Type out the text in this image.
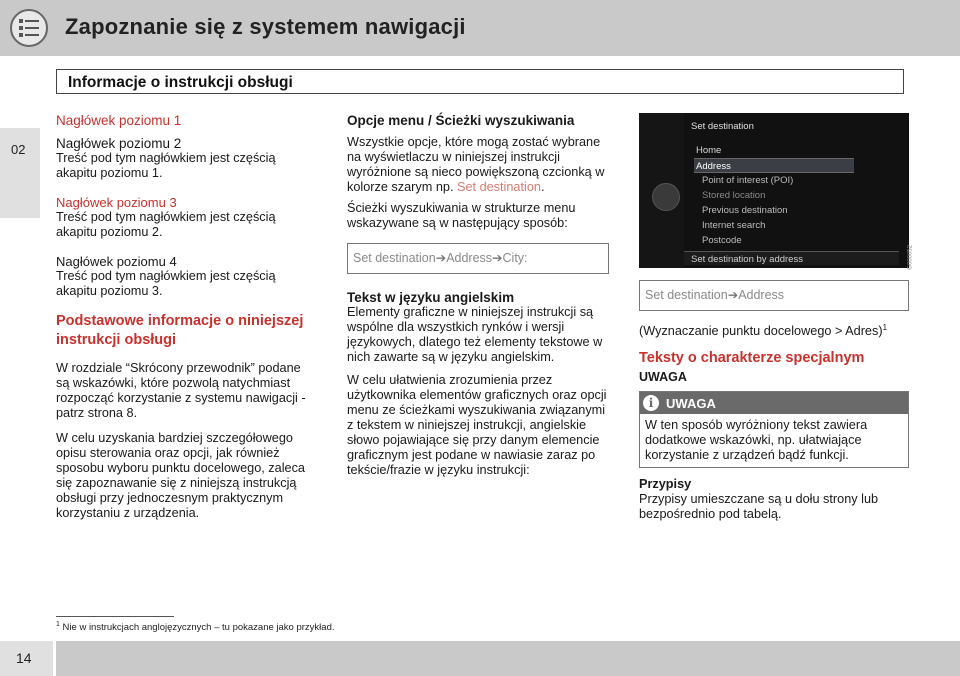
Zapoznanie się z systemem nawigacji
Informacje o instrukcji obsługi
02

Nagłówek poziomu 1

Nagłówek poziomu 2

Treść pod tym nagłówkiem jest częścią akapitu poziomu 1.

Nagłówek poziomu 3

Treść pod tym nagłówkiem jest częścią akapitu poziomu 2.

Nagłówek poziomu 4

Treść pod tym nagłówkiem jest częścią akapitu poziomu 3.

Podstawowe informacje o niniejszej instrukcji obsługi

W rozdziale “Skrócony przewodnik” podane są wskazówki, które pozwolą natychmiast rozpocząć korzystanie z systemu nawigacji - patrz strona 8.

W celu uzyskania bardziej szczegółowego opisu sterowania oraz opcji, jak również sposobu wyboru punktu docelowego, zaleca się zapoznawanie się z niniejszą instrukcją obsługi przy jednoczesnym praktycznym korzystaniu z urządzenia.

Opcje menu / Ścieżki wyszukiwania

Wszystkie opcje, które mogą zostać wybrane na wyświetlaczu w niniejszej instrukcji wyróżnione są nieco powiększoną czcionką w kolorze szarym np. Set destination.

Ścieżki wyszukiwania w strukturze menu wskazywane są w następujący sposób:

Set destination➔Address➔City:

Tekst w języku angielskim

Elementy graficzne w niniejszej instrukcji są wspólne dla wszystkich rynków i wersji językowych, dlatego też elementy tekstowe w nich zawarte są w języku angielskim.

W celu ułatwienia zrozumienia przez użytkownika elementów graficznych oraz opcji menu ze ścieżkami wyszukiwania związanymi z tekstem w niniejszej instrukcji, angielskie słowo pojawiające się przy danym elemencie graficznym jest podane w nawiasie zaraz po tekście/frazie w języku instrukcji:

Set destination
Home
Address
Point of interest (POI)
Stored location
Previous destination
Internet search
Postcode
Set destination by address	G000052
Set destination➔Address

(Wyznaczanie punktu docelowego > Adres)$^1$

Teksty o charakterze specjalnym

UWAGA

i UWAGA
W ten sposób wyróżniony tekst zawiera dodatkowe wskazówki, np. ułatwiające korzystanie z urządzeń bądź funkcji.

Przypisy

Przypisy umieszczane są u dołu strony lub bezpośrednio pod tabelą.

$^1$ Nie w instrukcjach anglojęzycznych – tu pokazane jako przykład.
14
